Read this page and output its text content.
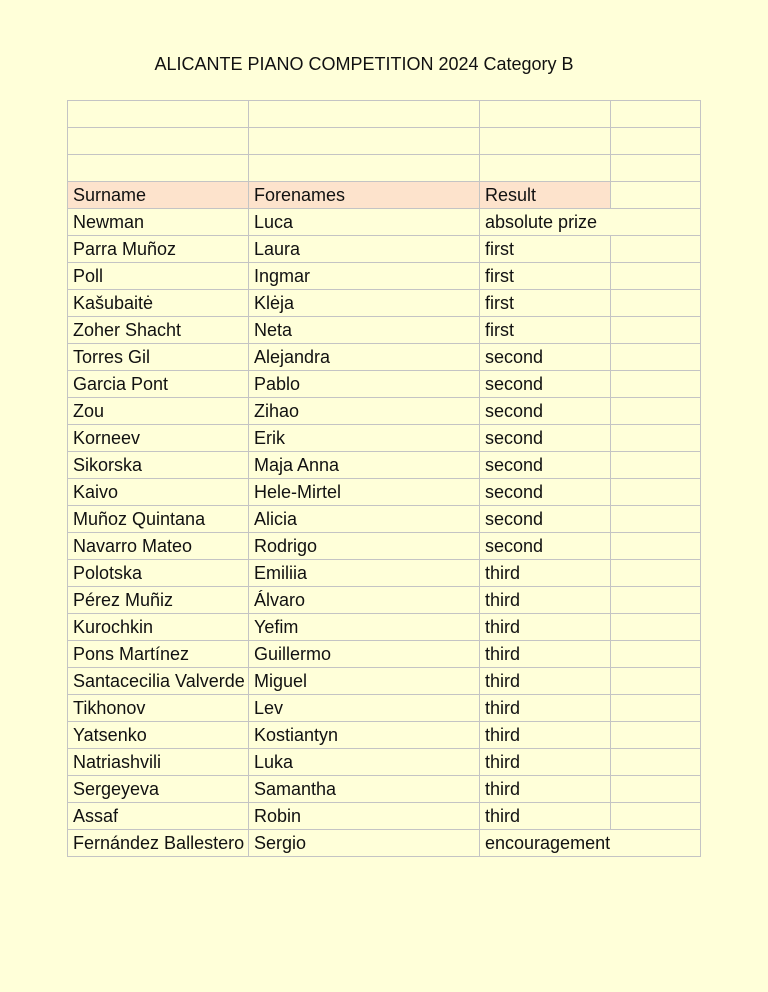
ALICANTE PIANO COMPETITION 2024 Category B

Surname	Forenames	Result	
Newman	Luca	absolute prize	
Parra Muñoz	Laura	first	
Poll	Ingmar	first	
Kašubaitė	Klėja	first	
Zoher Shacht	Neta	first	
Torres Gil	Alejandra	second	
Garcia Pont	Pablo	second	
Zou	Zihao	second	
Korneev	Erik	second	
Sikorska	Maja Anna	second	
Kaivo	Hele-Mirtel	second	
Muñoz Quintana	Alicia	second	
Navarro Mateo	Rodrigo	second	
Polotska	Emiliia	third	
Pérez Muñiz	Álvaro	third	
Kurochkin	Yefim	third	
Pons Martínez	Guillermo	third	
Santacecilia Valverde	Miguel	third	
Tikhonov	Lev	third	
Yatsenko	Kostiantyn	third	
Natriashvili	Luka	third	
Sergeyeva	Samantha	third	
Assaf	Robin	third	
Fernández Ballestero	Sergio	encouragement	
